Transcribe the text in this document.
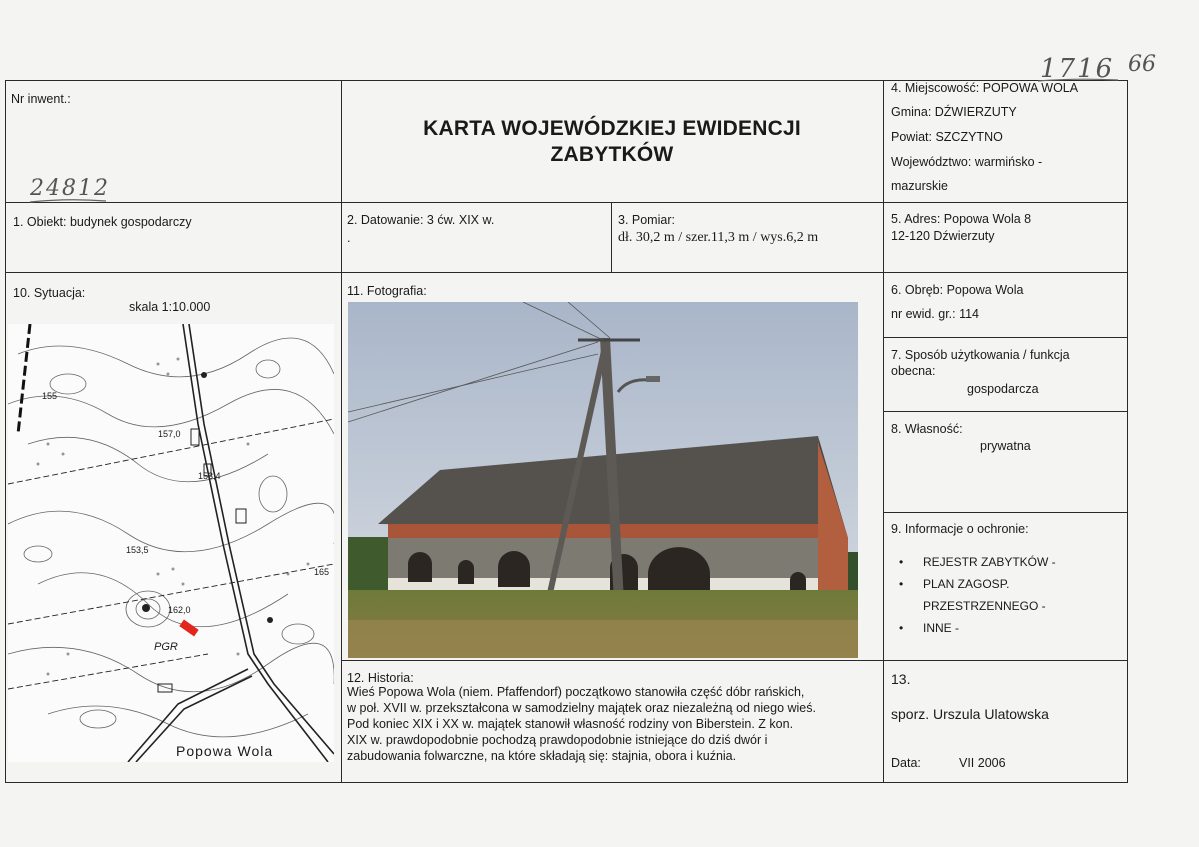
1716 66
24812
Nr inwent.:
KARTA WOJEWÓDZKIEJ EWIDENCJI
ZABYTKÓW
4. Miejscowość: POPOWA WOLA
Gmina: DŹWIERZUTY
Powiat: SZCZYTNO
Województwo: warmińsko -
mazurskie
1. Obiekt: budynek gospodarczy	2. Datowanie: 3 ćw. XIX w.
.
3. Pomiar:
dł. 30,2 m / szer.11,3 m / wys.6,2 m
5. Adres: Popowa Wola 8
12-120 Dźwierzuty
10. Sytuacja:
skala 1:10.000
155
157,0
153,4
153,5
162,0
165
PGR
Popowa Wola
11. Fotografia:	6. Obręb: Popowa Wola
nr ewid. gr.: 114
7. Sposób użytkowania / funkcja
obecna:
gospodarcza
8. Własność:
prywatna
9. Informacje o ochronie:
• REJESTR ZABYTKÓW -
• PLAN ZAGOSP.
PRZESTRZENNEGO -
• INNE -
12. Historia:
Wieś Popowa Wola (niem. Pfaffendorf) początkowo stanowiła część dóbr rańskich,
w poł. XVII w. przekształcona w samodzielny majątek oraz niezależną od niego wieś.
Pod koniec XIX i XX w. majątek stanowił własność rodziny von Biberstein. Z kon.
XIX w. prawdopodobnie pochodzą prawdopodobnie istniejące do dziś dwór i
zabudowania folwarczne, na które składają się: stajnia, obora i kuźnia.
13.
sporz. Urszula Ulatowska
Data:	VII 2006
